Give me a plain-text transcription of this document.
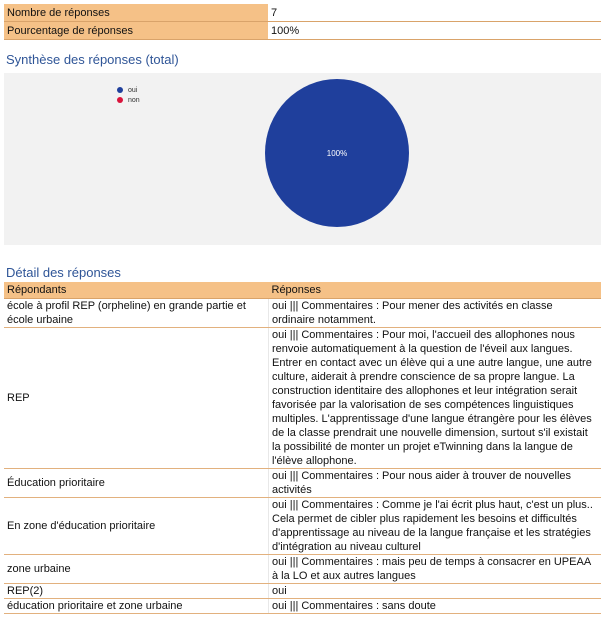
Nombre de réponses	7
Pourcentage de réponses	100%
Synthèse des réponses (total)
oui
non
100%
Détail des réponses
Répondants	Réponses
école à profil REP (orpheline) en grande partie et école urbaine	oui ||| Commentaires : Pour mener des activités en classe ordinaire notamment.
REP	oui ||| Commentaires : Pour moi, l'accueil des allophones nous renvoie automatiquement à la question de l'éveil aux langues. Entrer en contact avec un élève qui a une autre langue, une autre culture, aiderait à prendre conscience de sa propre langue. La construction identitaire des allophones et leur intégration serait favorisée par la valorisation de ses compétences linguistiques multiples. L'apprentissage d'une langue étrangère pour les élèves de la classe prendrait une nouvelle dimension, surtout s'il existait la possibilité de monter un projet eTwinning dans la langue de l'élève allophone.
Éducation prioritaire	oui ||| Commentaires : Pour nous aider à trouver de nouvelles activités
En zone d'éducation prioritaire	oui ||| Commentaires : Comme je l'ai écrit plus haut, c'est un plus.. Cela permet de cibler plus rapidement les besoins et difficultés d'apprentissage au niveau de la langue française et les stratégies d'intégration au niveau culturel
zone urbaine	oui ||| Commentaires : mais peu de temps à consacrer en UPEAA à la LO et aux autres langues
REP(2)	oui
éducation prioritaire et zone urbaine	oui ||| Commentaires : sans doute
